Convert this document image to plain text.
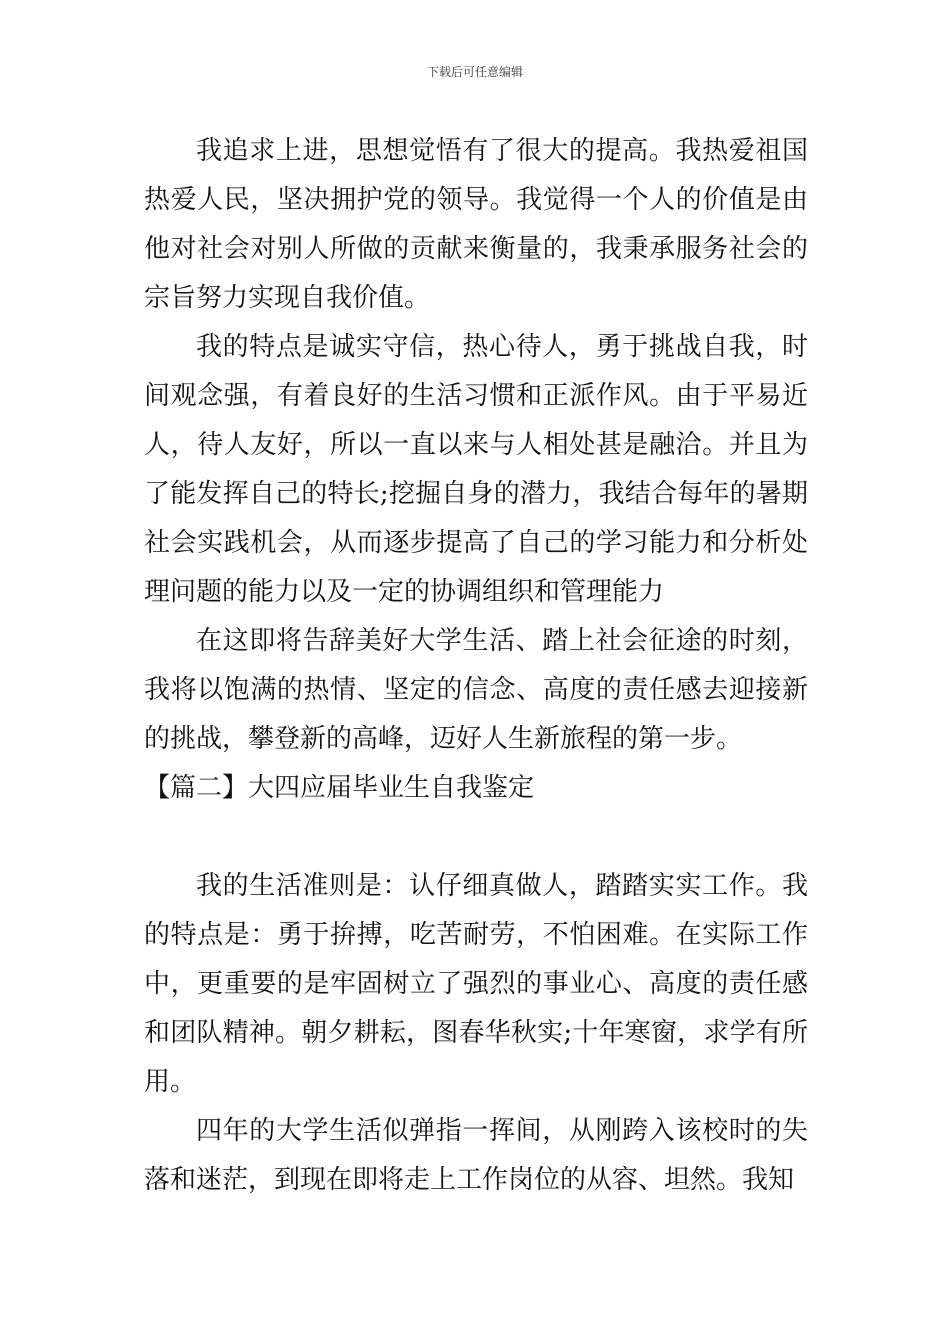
下载后可任意编辑

我追求上进，思想觉悟有了很大的提高。我热爱祖国热爱人民，坚决拥护党的领导。我觉得一个人的价值是由他对社会对别人所做的贡献来衡量的，我秉承服务社会的宗旨努力实现自我价值。

我的特点是诚实守信，热心待人，勇于挑战自我，时间观念强，有着良好的生活习惯和正派作风。由于平易近人，待人友好，所以一直以来与人相处甚是融洽。并且为了能发挥自己的特长;挖掘自身的潜力，我结合每年的暑期社会实践机会，从而逐步提高了自己的学习能力和分析处理问题的能力以及一定的协调组织和管理能力

在这即将告辞美好大学生活、踏上社会征途的时刻，我将以饱满的热情、坚定的信念、高度的责任感去迎接新的挑战，攀登新的高峰，迈好人生新旅程的第一步。

【篇二】大四应届毕业生自我鉴定

我的生活准则是：认仔细真做人，踏踏实实工作。我的特点是：勇于拚搏，吃苦耐劳，不怕困难。在实际工作中，更重要的是牢固树立了强烈的事业心、高度的责任感和团队精神。朝夕耕耘，图春华秋实;十年寒窗，求学有所用。

四年的大学生活似弹指一挥间，从刚跨入该校时的失落和迷茫，到现在即将走上工作岗位的从容、坦然。我知
